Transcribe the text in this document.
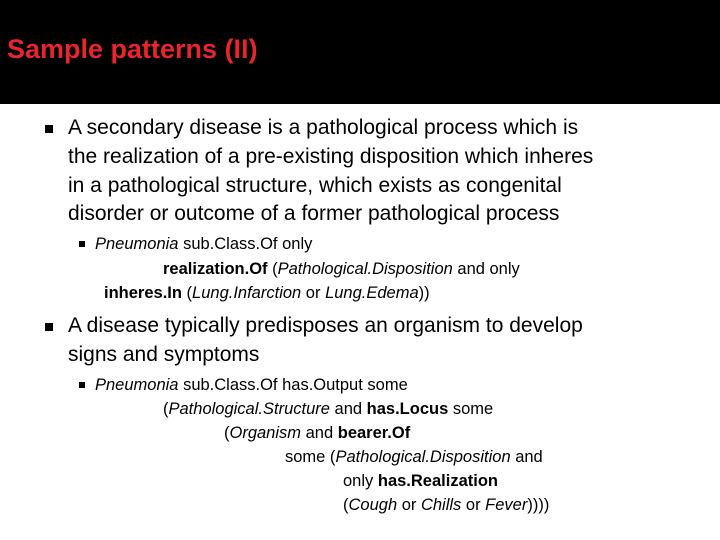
Sample patterns (II)
A secondary disease is a pathological process which is
the realization of a pre-existing disposition which inheres
in a pathological structure, which exists as congenital
disorder or outcome of a former pathological process
Pneumonia sub.Class.Of only
realization.Of (Pathological.Disposition and only
inheres.In (Lung.Infarction or Lung.Edema))
A disease typically predisposes an organism to develop
signs and symptoms
Pneumonia sub.Class.Of has.Output some
(Pathological.Structure and has.Locus some
(Organism and bearer.Of
some (Pathological.Disposition and
only has.Realization
(Cough or Chills or Fever))))
